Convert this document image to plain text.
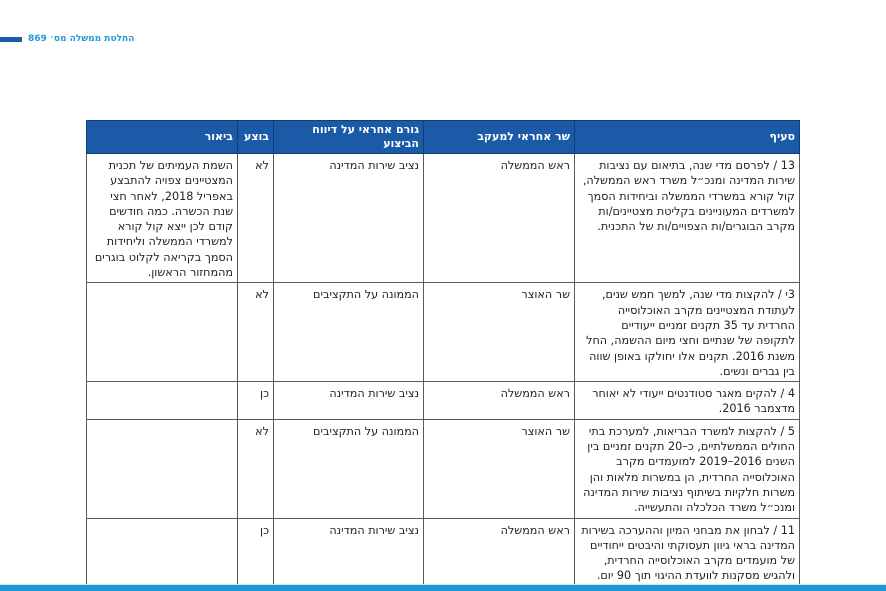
החלטת ממשלה מס׳ 869
סעיף	שר אחראי למעקב	גורם אחראי על דיווח הביצוע	בוצע	ביאור
13 / לפרסם מדי שנה, בתיאום עם נציבות שירות המדינה ומנכ״ל משרד ראש הממשלה, קול קורא במשרדי הממשלה וביחידות הסמך למשרדים המעוניינים בקליטת מצטיינים/ות מקרב הבוגרים/ות הצפויים/ות של התכנית.	ראש הממשלה	נציב שירות המדינה	לא	השמת העמיתים של תכנית המצטיינים צפויה להתבצע באפריל 2018, לאחר חצי שנת הכשרה. כמה חודשים קודם לכן ייצא קול קורא למשרדי הממשלה וליחידות הסמך בקריאה לקלוט בוגרים מהמחזור הראשון.
3י / להקצות מדי שנה, למשך חמש שנים, לעתודת המצטיינים מקרב האוכלוסייה החרדית עד 35 תקנים זמניים ייעודיים לתקופה של שנתיים וחצי מיום ההשמה, החל משנת 2016. תקנים אלו יחולקו באופן שווה בין גברים ונשים.	שר האוצר	הממונה על התקציבים	לא	
4 / להקים מאגר סטודנטים ייעודי לא יאוחר מדצמבר 2016.	ראש הממשלה	נציב שירות המדינה	כן	
5 / להקצות למשרד הבריאות, למערכת בתי החולים הממשלתיים, כ–20 תקנים זמניים בין השנים 2016–2019 למועמדים מקרב האוכלוסייה החרדית, הן במשרות מלאות והן משרות חלקיות בשיתוף נציבות שירות המדינה ומנכ״ל משרד הכלכלה והתעשייה.	שר האוצר	הממונה על התקציבים	לא	
11 / לבחון את מבחני המיון וההערכה בשירות המדינה בראי גיוון תעסוקתי והיבטים ייחודיים של מועמדים מקרב האוכלוסייה החרדית, ולהגיש מסקנות לוועדת ההיגוי תוך 90 יום.	ראש הממשלה	נציב שירות המדינה	כן	
